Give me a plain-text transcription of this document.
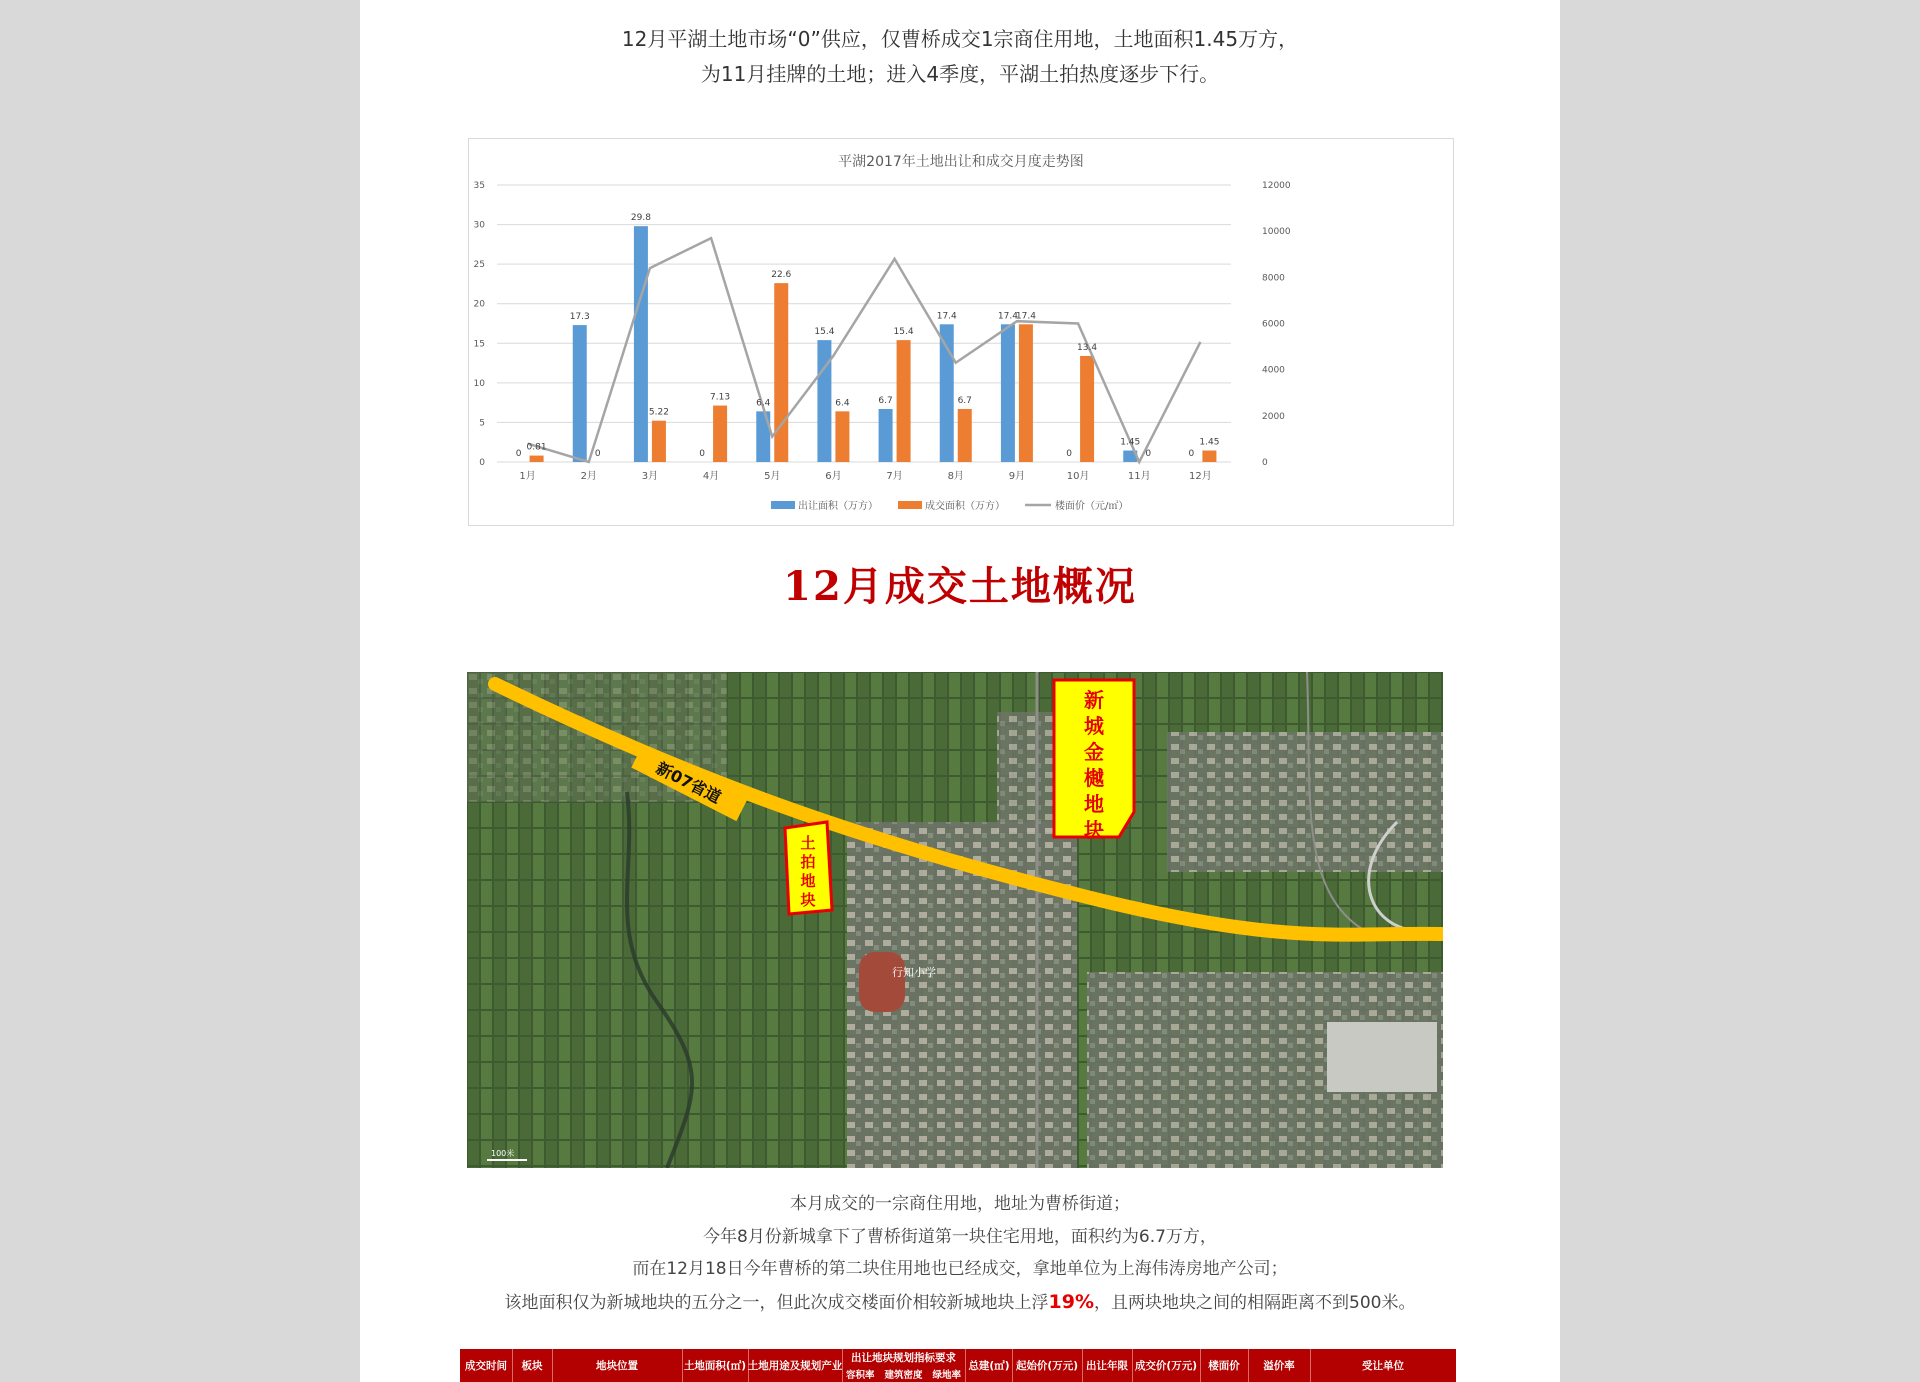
12月平湖土地市场“0”供应，仅曹桥成交1宗商住用地，土地面积1.45万方，
为11月挂牌的土地；进入4季度，平湖土拍热度逐步下行。
平湖2017年土地出让和成交月度走势图
0
17.3
29.8
0
6.4
15.4
6.7
17.4	17.4
0
1.45
0
0.81
0
5.22
7.13
22.6
6.4
15.4
6.7
17.4
13.4
0
1.45
0
5
10
15
20
25
30
35
0
2000
4000
6000
8000
10000
12000
1月	2月	3月	4月	5月	6月	7月	8月	9月	10月	11月	12月
出让面积（万方）	成交面积（万方）	楼面价（元/㎡）
12月成交土地概况
新07省道
新城金樾地块
土拍地块
行知小学
100米
本月成交的一宗商住用地，地址为曹桥街道；
今年8月份新城拿下了曹桥街道第一块住宅用地，面积约为6.7万方，
而在12月18日今年曹桥的第二块住用地也已经成交，拿地单位为上海伟涛房地产公司；
该地面积仅为新城地块的五分之一，但此次成交楼面价相较新城地块上浮19%，且两块地块之间的相隔距离不到500米。
成交时间	板块	地块位置	土地面积(㎡) 土地用途及规划产业
出让地块规划指标要求
容积率 建筑密度 绿地率
总建(㎡) 起始价(万元) 出让年限 成交价(万元)	楼面价	溢价率	受让单位
